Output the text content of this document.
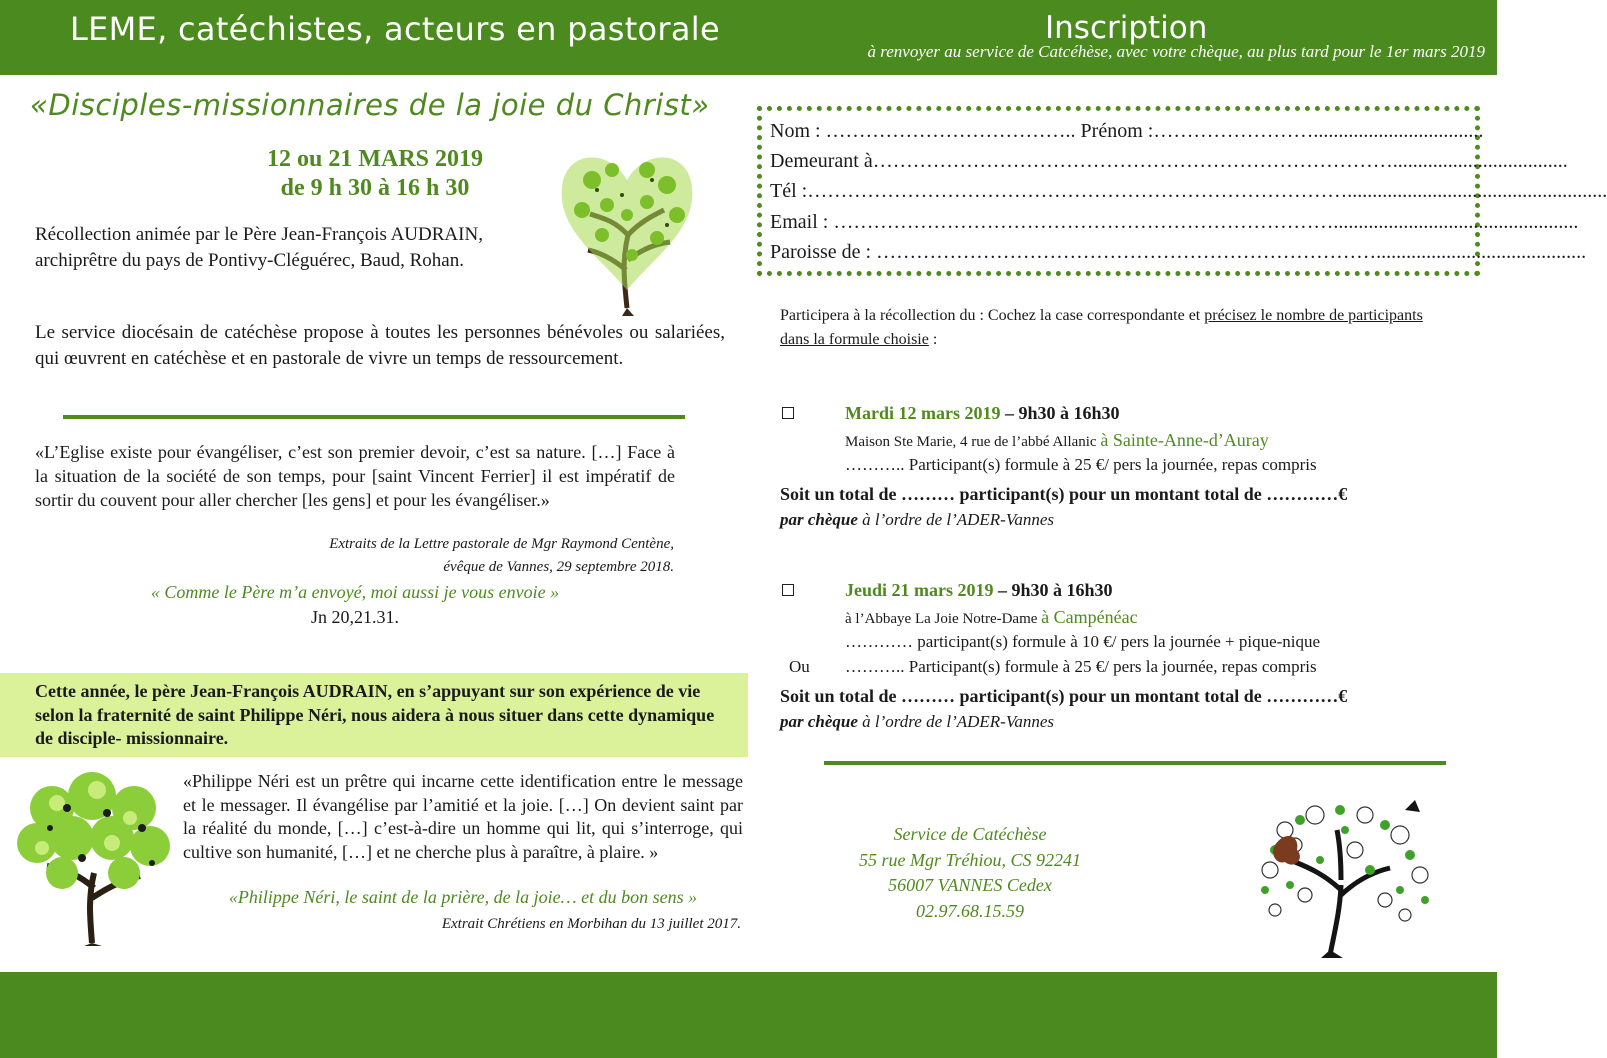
LEME, catéchistes, acteurs en pastorale	Inscription
à renvoyer au service de Catcéhèse, avec votre chèque, au plus tard pour le 1er mars 2019
«Disciples-missionnaires de la joie du Christ»
12 ou 21 MARS 2019
de 9 h 30 à 16 h 30
Récollection animée par le Père Jean-François AUDRAIN, archiprêtre du pays de Pontivy-Cléguérec, Baud, Rohan.
Le service diocésain de catéchèse propose à toutes les personnes bénévoles ou salariées, qui œuvrent en catéchèse et en pastorale de vivre un temps de ressourcement.
«L’Eglise existe pour évangéliser, c’est son premier devoir, c’est sa nature. […] Face à la situation de la société de son temps, pour [saint Vincent Ferrier] il est impératif de sortir du couvent pour aller chercher [les gens] et pour les évangéliser.»
Extraits de la Lettre pastorale de Mgr Raymond Centène,
évêque de Vannes, 29 septembre 2018.
« Comme le Père m’a envoyé, moi aussi je vous envoie »
Jn 20,21.31.
Cette année, le père Jean-François AUDRAIN, en s’appuyant sur son expérience de vie selon la fraternité de saint Philippe Néri, nous aidera à nous situer dans cette dynamique de disciple- missionnaire.
«Philippe Néri est un prêtre qui incarne cette identification entre le message et le messager. Il évangélise par l’amitié et la joie. […] On devient saint par la réalité du monde, […] c’est-à-dire un homme qui lit, qui s’interroge, qui cultive son humanité, […] et ne cherche plus à paraître, à plaire. »
«Philippe Néri, le saint de la prière, de la joie… et du bon sens »
Extrait Chrétiens en Morbihan du 13 juillet 2017.
Nom : ……………………………….. Prénom :……………………..................................
Demeurant à……………………………………………………………………...................................
Tél :………………………………………………………………………....................................................
Email : ………………………………………………………………….................................................
Paroisse de : …………………………………………………………………..........................................
Participera à la récollection du : Cochez la case correspondante et précisez le nombre de participants dans la formule choisie :
Mardi 12 mars 2019 – 9h30 à 16h30
Maison Ste Marie, 4 rue de l’abbé Allanic à Sainte-Anne-d’Auray
……….. Participant(s) formule à 25 €/ pers la journée, repas compris
Soit un total de ……… participant(s) pour un montant total de …………€
par chèque à l’ordre de l’ADER-Vannes
Jeudi 21 mars 2019 – 9h30 à 16h30
à l’Abbaye La Joie Notre-Dame à Campénéac
………… participant(s) formule à 10 €/ pers la journée + pique-nique
Ou ……….. Participant(s) formule à 25 €/ pers la journée, repas compris
Soit un total de ……… participant(s) pour un montant total de …………€
par chèque à l’ordre de l’ADER-Vannes
Service de Catéchèse
55 rue Mgr Tréhiou, CS 92241
56007 VANNES Cedex
02.97.68.15.59
